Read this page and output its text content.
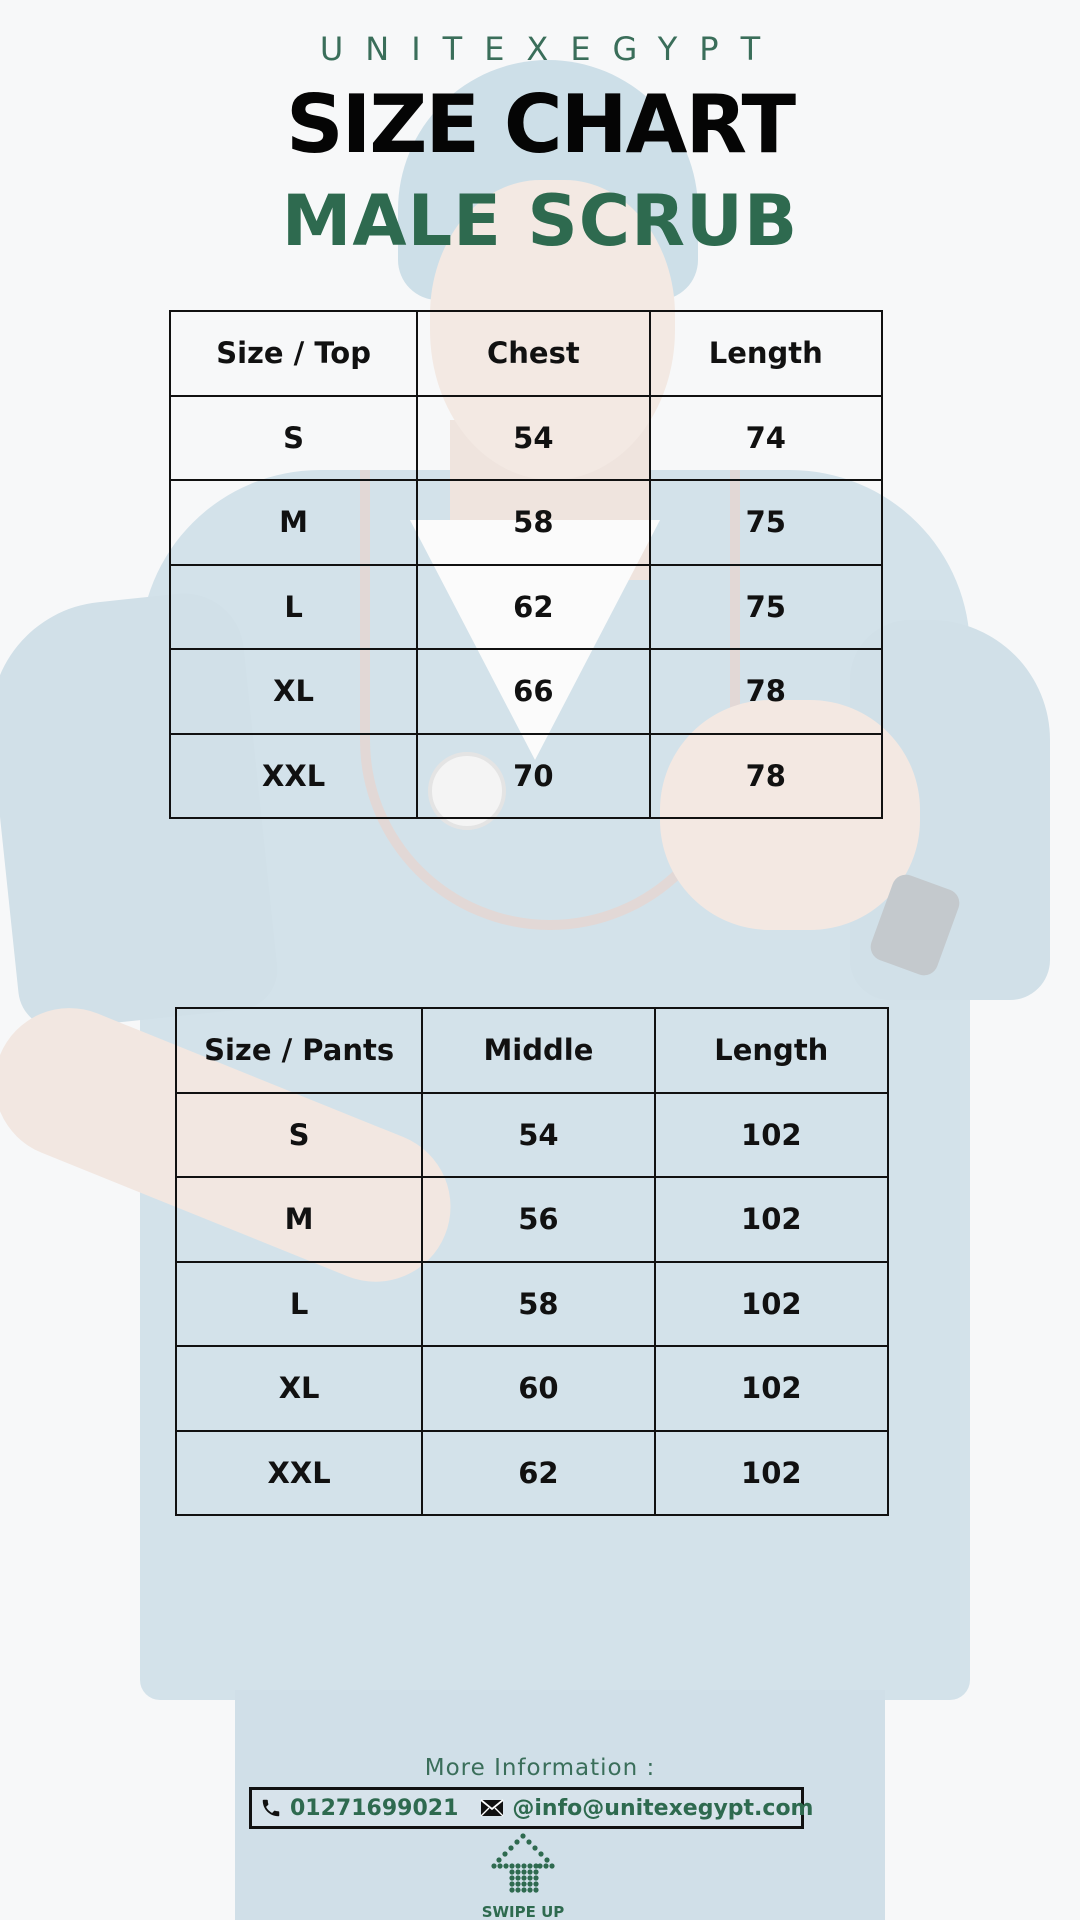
UNITEXEGYPT
SIZE CHART
MALE SCRUB
Size / Top	Chest	Length
S	54	74
M	58	75
L	62	75
XL	66	78
XXL	70	78
Size / Pants	Middle	Length
S	54	102
M	56	102
L	58	102
XL	60	102
XXL	62	102
More Information :
01271699021 @info@unitexegypt.com
SWIPE UP
